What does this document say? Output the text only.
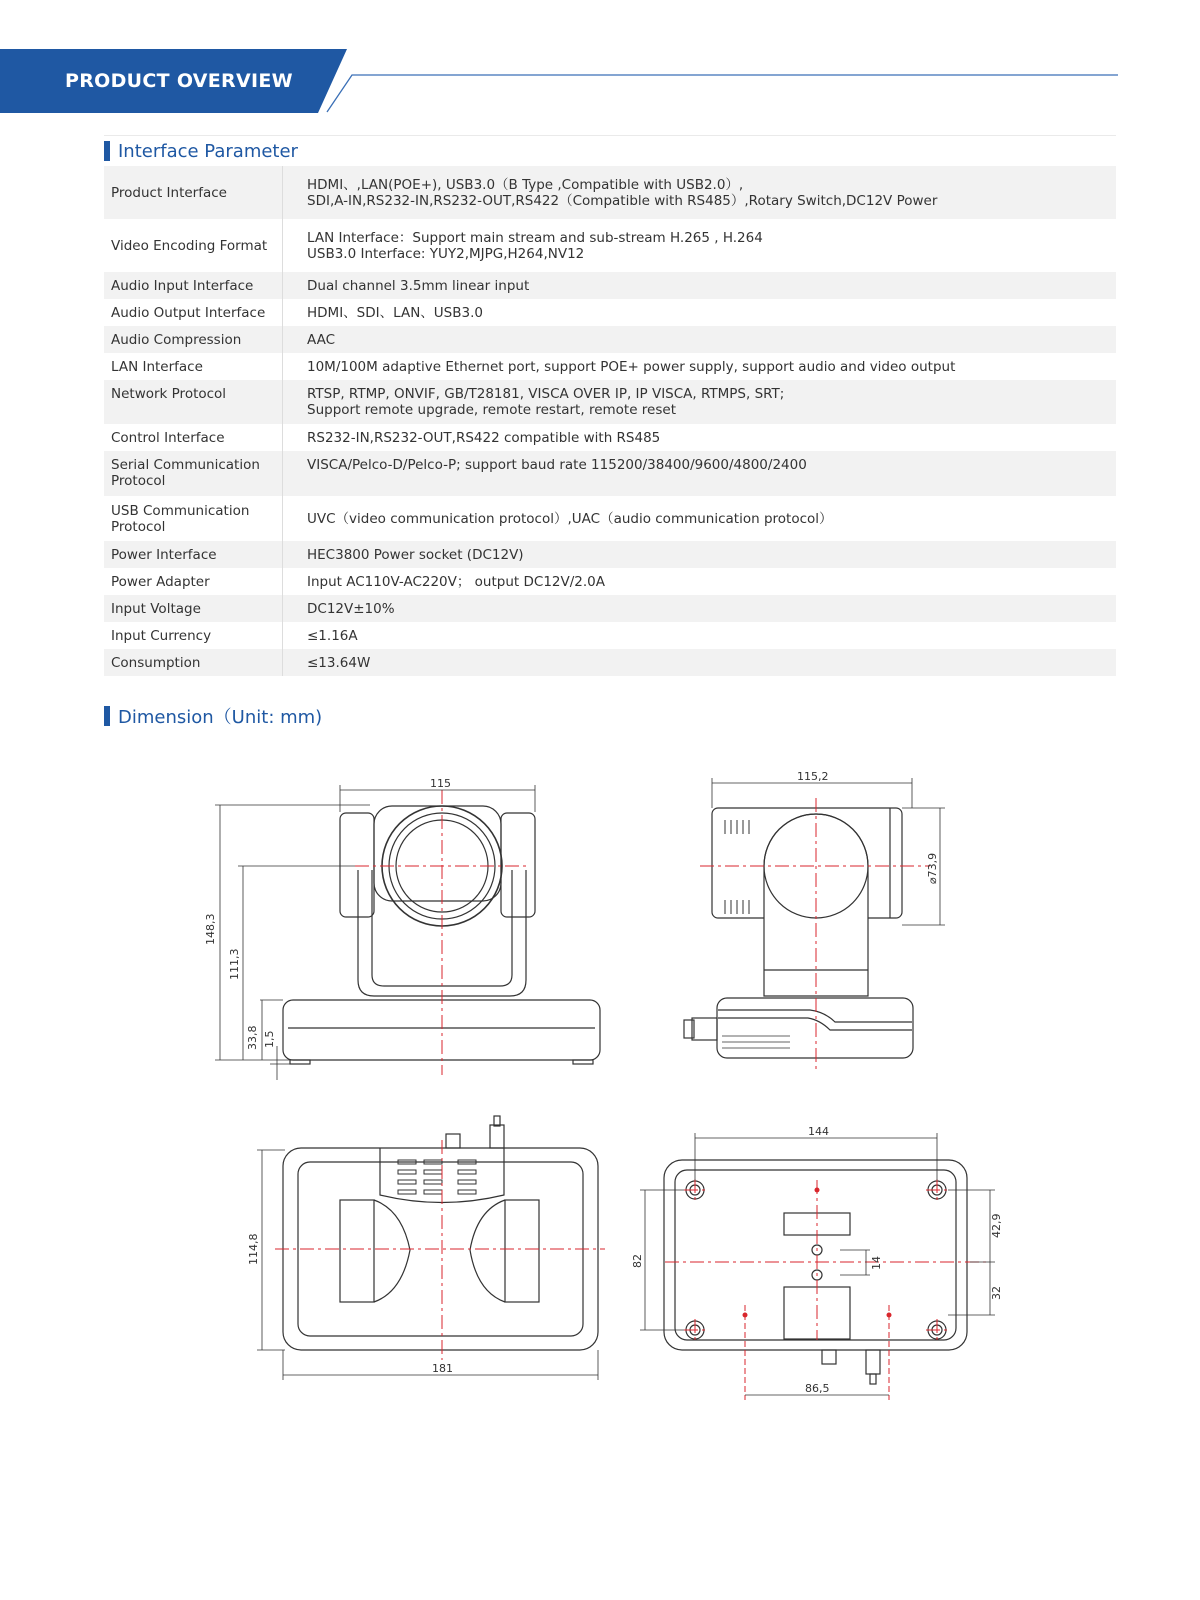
PRODUCT OVERVIEW
Interface Parameter
Product Interface	HDMI、,LAN(POE+), USB3.0（B Type ,Compatible with USB2.0）,
SDI,A-IN,RS232-IN,RS232-OUT,RS422（Compatible with RS485）,Rotary Switch,DC12V Power

Video Encoding Format	LAN Interface：Support main stream and sub-stream H.265 , H.264
USB3.0 Interface: YUY2,MJPG,H264,NV12

Audio Input Interface	Dual channel 3.5mm linear input

Audio Output Interface	HDMI、SDI、LAN、USB3.0

Audio Compression	AAC

LAN Interface	10M/100M adaptive Ethernet port, support POE+ power supply, support audio and video output

Network Protocol	RTSP, RTMP, ONVIF, GB/T28181, VISCA OVER IP, IP VISCA, RTMPS, SRT;
Support remote upgrade, remote restart, remote reset

Control Interface	RS232-IN,RS232-OUT,RS422 compatible with RS485

Serial Communication Protocol	VISCA/Pelco-D/Pelco-P; support baud rate 115200/38400/9600/4800/2400

USB Communication Protocol	UVC（video communication protocol）,UAC（audio communication protocol）

Power Interface	HEC3800 Power socket (DC12V)

Power Adapter	Input AC110V-AC220V； output DC12V/2.0A

Input Voltage	DC12V±10%

Input Currency	≤1.16A

Consumption	≤13.64W
Dimension（Unit: mm)
115
148,3
111,3
33,8 1,5
115,2
⌀73,9
114,8
181
144
82
42,9
32
14
86,5
